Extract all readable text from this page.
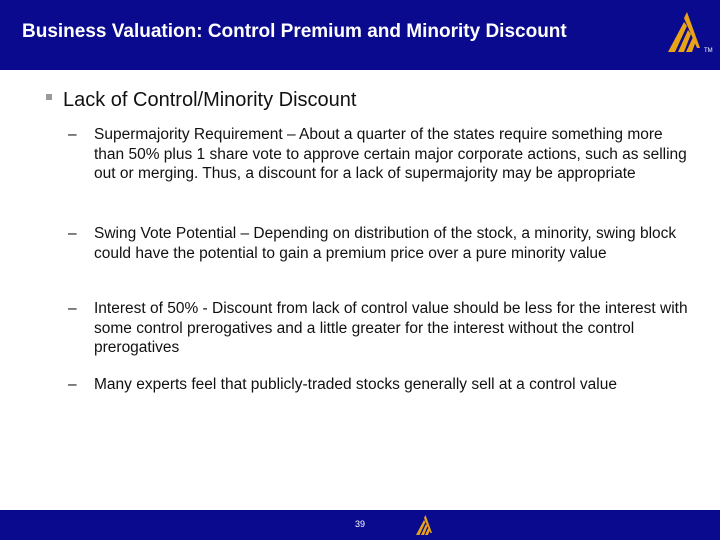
Business Valuation: Control Premium and Minority Discount
TM
Lack of Control/Minority Discount
– Supermajority Requirement – About a quarter of the states require something more than 50% plus 1 share vote to approve certain major corporate actions, such as selling out or merging. Thus, a discount for a lack of supermajority may be appropriate
– Swing Vote Potential – Depending on distribution of the stock, a minority, swing block could have the potential to gain a premium price over a pure minority value
– Interest of 50% - Discount from lack of control value should be less for the interest with some control prerogatives and a little greater for the interest without the control prerogatives
– Many experts feel that publicly-traded stocks generally sell at a control value
39
